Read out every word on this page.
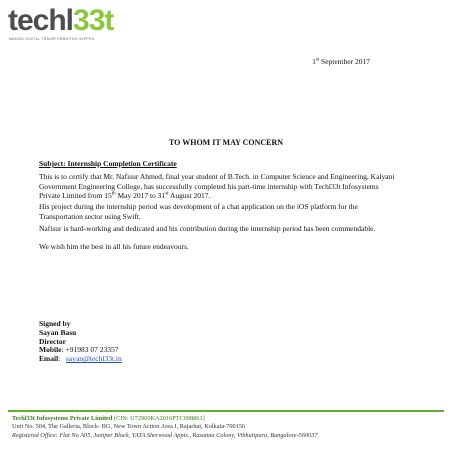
techl33t
MAKING DIGITAL TRANSFORMATION HAPPEN
1st September 2017
TO WHOM IT MAY CONCERN
Subject: Internship Completion Certificate

This is to certify that Mr. Nafisur Ahmed, final year student of B.Tech. in Computer Science and Engineering, Kalyani Government Engineering College, has successfully completed his part-time internship with Techl33t Infosystems Private Limited from 15th May 2017 to 31st August 2017.

His project during the internship period was development of a chat application on the iOS platform for the Transportation sector using Swift.

Nafisur is hard-working and dedicated and his contribution during the internship period has been commendable.

We wish him the best in all his future endeavours.

Signed by
Sayan Basu
Director
Mobile: +91983 07 23357
Email: sayan@techl33t.in
Techl33t Infosystems Private Limited [CIN: U72900KA2016PTC098861]
Unit No. 504, The Galleria, Block- BG, New Town Action Area I, Rajarhat, Kolkata-700156
Registered Office: Flat No A05, Juniper Block, YATA Sherwood Appts., Rasanna Colony, Vibhutipura, Bangalore-560037
